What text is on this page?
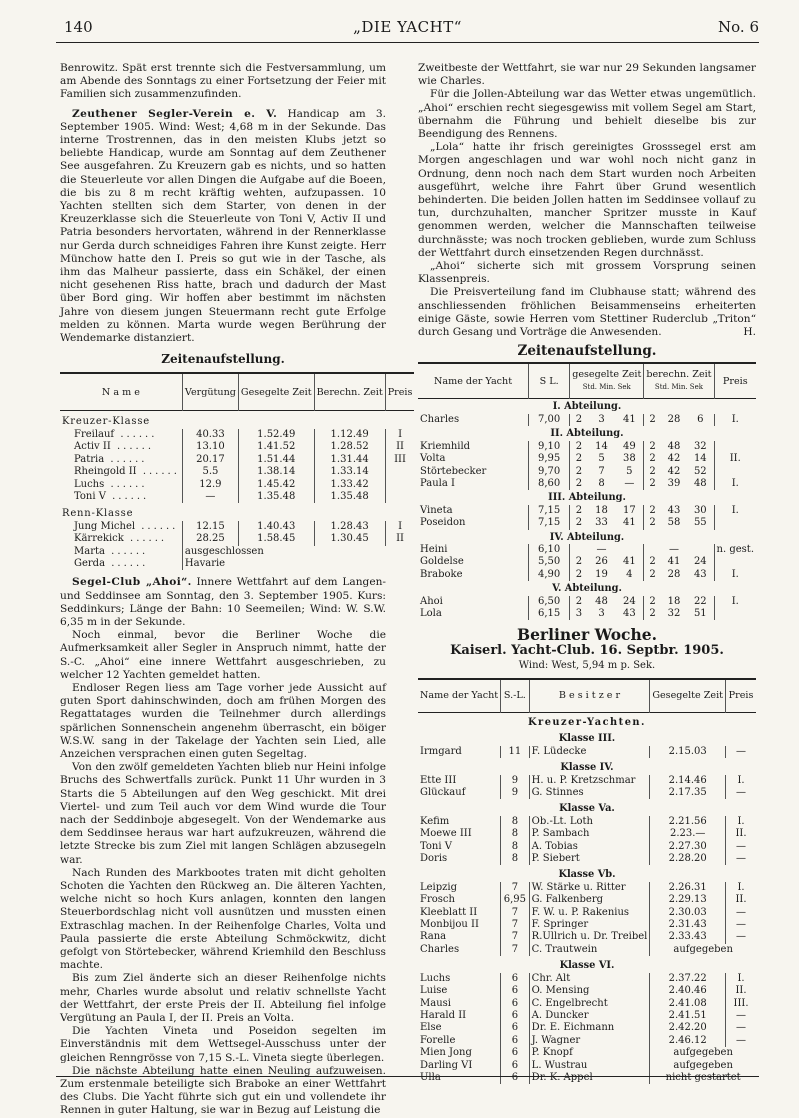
140	„DIE YACHT“	No. 6

Benrowitz. Spät erst trennte sich die Festversammlung, um am Abende des Sonntags zu einer Fortsetzung der Feier mit Familien sich zusammenzufinden.

Zeuthener Segler-Verein e. V. Handicap am 3. September 1905. Wind: West; 4,68 m in der Sekunde. Das interne Trostrennen, das in den meisten Klubs jetzt so beliebte Handicap, wurde am Sonntag auf dem Zeuthener See ausgefahren. Zu Kreuzern gab es nichts, und so hatten die Steuerleute vor allen Dingen die Aufgabe auf die Boeen, die bis zu 8 m recht kräftig wehten, aufzupassen. 10 Yachten stellten sich dem Starter, von denen in der Kreuzerklasse sich die Steuerleute von Toni V, Activ II und Patria besonders hervortaten, während in der Rennerklasse nur Gerda durch schneidiges Fahren ihre Kunst zeigte. Herr Münchow hatte den I. Preis so gut wie in der Tasche, als ihm das Malheur passierte, dass ein Schäkel, der einen nicht gesehenen Riss hatte, brach und dadurch der Mast über Bord ging. Wir hoffen aber bestimmt im nächsten Jahre von diesem jungen Steuermann recht gute Erfolge melden zu können. Marta wurde wegen Berührung der Wendemarke distanziert.

Zeitenaufstellung.
N a m e	Vergütung	Gesegelte Zeit	Berechn. Zeit	Preis
Kreuzer-Klasse				
Freilauf ......	40.33	1.52.49	1.12.49	I
Activ II ......	13.10	1.41.52	1.28.52	II
Patria ......	20.17	1.51.44	1.31.44	III
Rheingold II ......	5.5	1.38.14	1.33.14	
Luchs ......	12.9	1.45.42	1.33.42	
Toni V ......	—	1.35.48	1.35.48	
Renn-Klasse				
Jung Michel ......	12.15	1.40.43	1.28.43	I
Kärrekick ......	28.25	1.58.45	1.30.45	II
Marta ......	ausgeschlossen			
Gerda ......	Havarie			

Segel-Club „Ahoi“. Innere Wettfahrt auf dem Langen- und Seddinsee am Sonntag, den 3. September 1905. Kurs: Seddinkurs; Länge der Bahn: 10 Seemeilen; Wind: W. S.W. 6,35 m in der Sekunde.

Noch einmal, bevor die Berliner Woche die Aufmerksamkeit aller Segler in Anspruch nimmt, hatte der S.-C. „Ahoi“ eine innere Wettfahrt ausgeschrieben, zu welcher 12 Yachten gemeldet hatten.

Endloser Regen liess am Tage vorher jede Aussicht auf guten Sport dahinschwinden, doch am frühen Morgen des Regattatages wurden die Teilnehmer durch allerdings spärlichen Sonnenschein angenehm überrascht, ein böiger W.S.W. sang in der Takelage der Yachten sein Lied, alle Anzeichen versprachen einen guten Segeltag.

Von den zwölf gemeldeten Yachten blieb nur Heini infolge Bruchs des Schwertfalls zurück. Punkt 11 Uhr wurden in 3 Starts die 5 Abteilungen auf den Weg geschickt. Mit drei Viertel- und zum Teil auch vor dem Wind wurde die Tour nach der Seddinboje abgesegelt. Von der Wendemarke aus dem Seddinsee heraus war hart aufzukreuzen, während die letzte Strecke bis zum Ziel mit langen Schlägen abzusegeln war.

Nach Runden des Markbootes traten mit dicht geholten Schoten die Yachten den Rückweg an. Die älteren Yachten, welche nicht so hoch Kurs anlagen, konnten den langen Steuerbordschlag nicht voll ausnützen und mussten einen Extraschlag machen. In der Reihenfolge Charles, Volta und Paula passierte die erste Abteilung Schmöckwitz, dicht gefolgt von Störtebecker, während Kriemhild den Beschluss machte.

Bis zum Ziel änderte sich an dieser Reihenfolge nichts mehr, Charles wurde absolut und relativ schnellste Yacht der Wettfahrt, der erste Preis der II. Abteilung fiel infolge Vergütung an Paula I, der II. Preis an Volta.

Die Yachten Vineta und Poseidon segelten im Einverständnis mit dem Wettsegel-Ausschuss unter der gleichen Renngrösse von 7,15 S.-L. Vineta siegte überlegen.

Die nächste Abteilung hatte einen Neuling aufzuweisen. Zum erstenmale beteiligte sich Braboke an einer Wettfahrt des Clubs. Die Yacht führte sich gut ein und vollendete ihr Rennen in guter Haltung, sie war in Bezug auf Leistung die

Zweitbeste der Wettfahrt, sie war nur 29 Sekunden langsamer wie Charles.

Für die Jollen-Abteilung war das Wetter etwas ungemütlich. „Ahoi“ erschien recht siegesgewiss mit vollem Segel am Start, übernahm die Führung und behielt dieselbe bis zur Beendigung des Rennens.

„Lola“ hatte ihr frisch gereinigtes Grosssegel erst am Morgen angeschlagen und war wohl noch nicht ganz in Ordnung, denn noch nach dem Start wurden noch Arbeiten ausgeführt, welche ihre Fahrt über Grund wesentlich behinderten. Die beiden Jollen hatten im Seddinsee vollauf zu tun, durchzuhalten, mancher Spritzer musste in Kauf genommen werden, welcher die Mannschaften teilweise durchnässte; was noch trocken geblieben, wurde zum Schluss der Wettfahrt durch einsetzenden Regen durchnässt.

„Ahoi“ sicherte sich mit grossem Vorsprung seinen Klassenpreis.

Die Preisverteilung fand im Clubhause statt; während des anschliessenden fröhlichen Beisammenseins erheiterten einige Gäste, sowie Herren vom Stettiner Ruderclub „Triton“ durch Gesang und Vorträge die Anwesenden.	H.

Zeitenaufstellung.
Name der Yacht	S L.	gesegelte Zeit
Std. Min. Sek			berechn. Zeit
Std. Min. Sek			Preis
I. Abteilung.								
Charles	7,00	2	3	41	2	28	6	I.
II. Abteilung.								
Kriemhild	9,10	2	14	49	2	48	32	
Volta	9,95	2	5	38	2	42	14	II.
Störtebecker	9,70	2	7	5	2	42	52	
Paula I	8,60	2	8	—	2	39	48	I.
III. Abteilung.								
Vineta	7,15	2	18	17	2	43	30	I.
Poseidon	7,15	2	33	41	2	58	55	
IV. Abteilung.								
Heini	6,10		—			—		n. gest.
Goldelse	5,50	2	26	41	2	41	24	
Braboke	4,90	2	19	4	2	28	43	I.
V. Abteilung.								
Ahoi	6,50	2	48	24	2	18	22	I.
Lola	6,15	3	3	43	2	32	51	
Berliner Woche.
Kaiserl. Yacht-Club. 16. Septbr. 1905.
Wind: West, 5,94 m p. Sek.
Name der Yacht	S.-L.	B e s i t z e r	Gesegelte Zeit	Preis
Kreuzer-Yachten.				
Klasse III.				
Irmgard	11	F. Lüdecke	2.15.03	—
Klasse IV.				
Ette III	9	H. u. P. Kretzschmar	2.14.46	I.
Glückauf	9	G. Stinnes	2.17.35	—
Klasse Va.				
Kefim	8	Ob.-Lt. Loth	2.21.56	I.
Moewe III	8	P. Sambach	2.23.—	II.
Toni V	8	A. Tobias	2.27.30	—
Doris	8	P. Siebert	2.28.20	—
Klasse Vb.				
Leipzig	7	W. Stärke u. Ritter	2.26.31	I.
Frosch	6,95	G. Falkenberg	2.29.13	II.
Kleeblatt II	7	F. W. u. P. Rakenius	2.30.03	—
Monbijou II	7	F. Springer	2.31.43	—
Rana	7	R.Ullrich u. Dr. Treibel	2.33.43	—
Charles	7	C. Trautwein	aufgegeben	
Klasse VI.				
Luchs	6	Chr. Alt	2.37.22	I.
Luise	6	O. Mensing	2.40.46	II.
Mausi	6	C. Engelbrecht	2.41.08	III.
Harald II	6	A. Duncker	2.41.51	—
Else	6	Dr. E. Eichmann	2.42.20	—
Forelle	6	J. Wagner	2.46.12	—
Mien Jong	6	P. Knopf	aufgegeben	
Darling VI	6	L. Wustrau	aufgegeben	
Ulla	6	Dr. K. Appel	nicht gestartet	
